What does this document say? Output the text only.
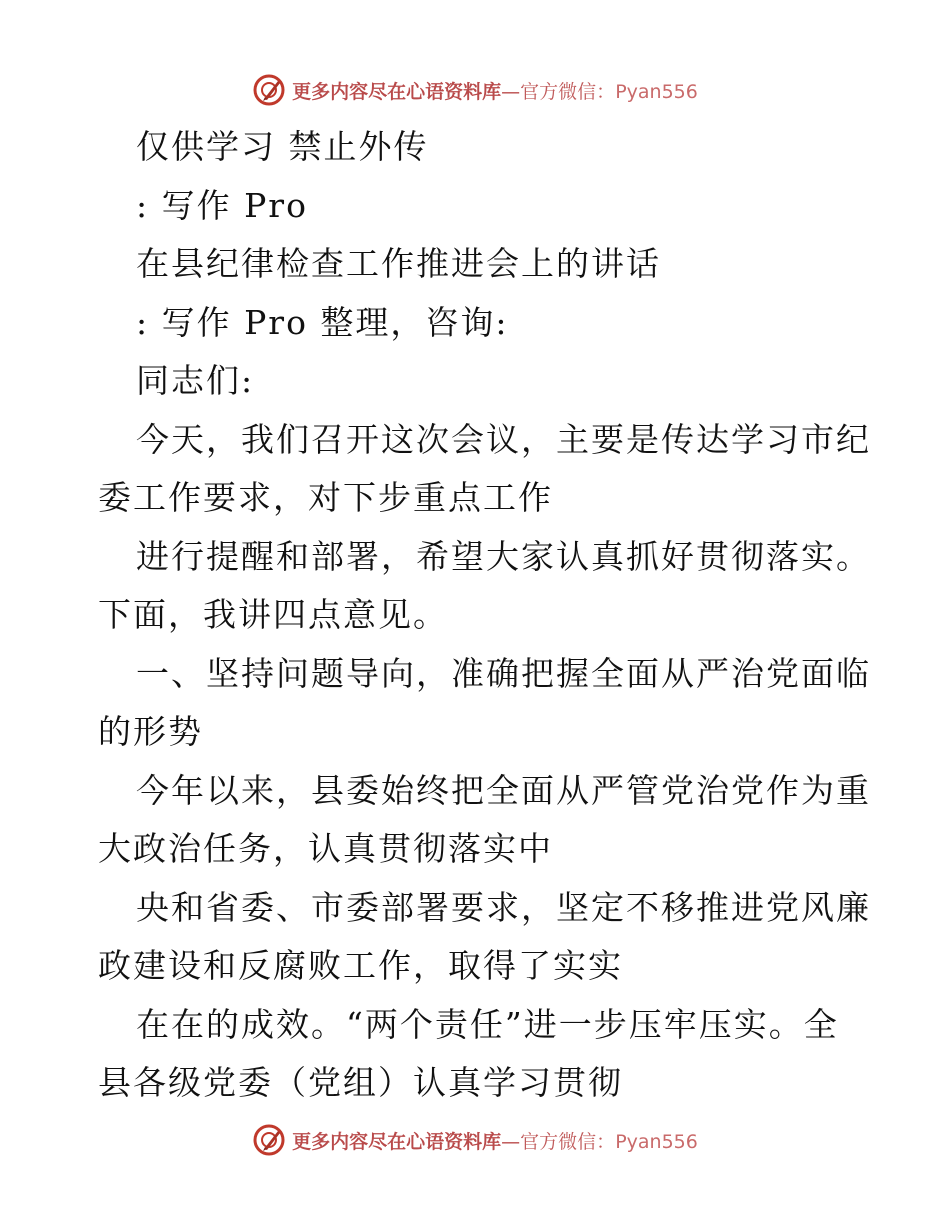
更多内容尽在心语资料库—官方微信：Pyan556
仅供学习 禁止外传
: 写作 Pro
在县纪律检查工作推进会上的讲话
: 写作 Pro 整理，咨询:
同志们:
今天，我们召开这次会议，主要是传达学习市纪
委工作要求，对下步重点工作
进行提醒和部署，希望大家认真抓好贯彻落实。
下面，我讲四点意见。
一、坚持问题导向，准确把握全面从严治党面临
的形势
今年以来，县委始终把全面从严管党治党作为重
大政治任务，认真贯彻落实中
央和省委、市委部署要求，坚定不移推进党风廉
政建设和反腐败工作，取得了实实
在在的成效。“两个责任”进一步压牢压实。全
县各级党委（党组）认真学习贯彻
更多内容尽在心语资料库—官方微信：Pyan556
